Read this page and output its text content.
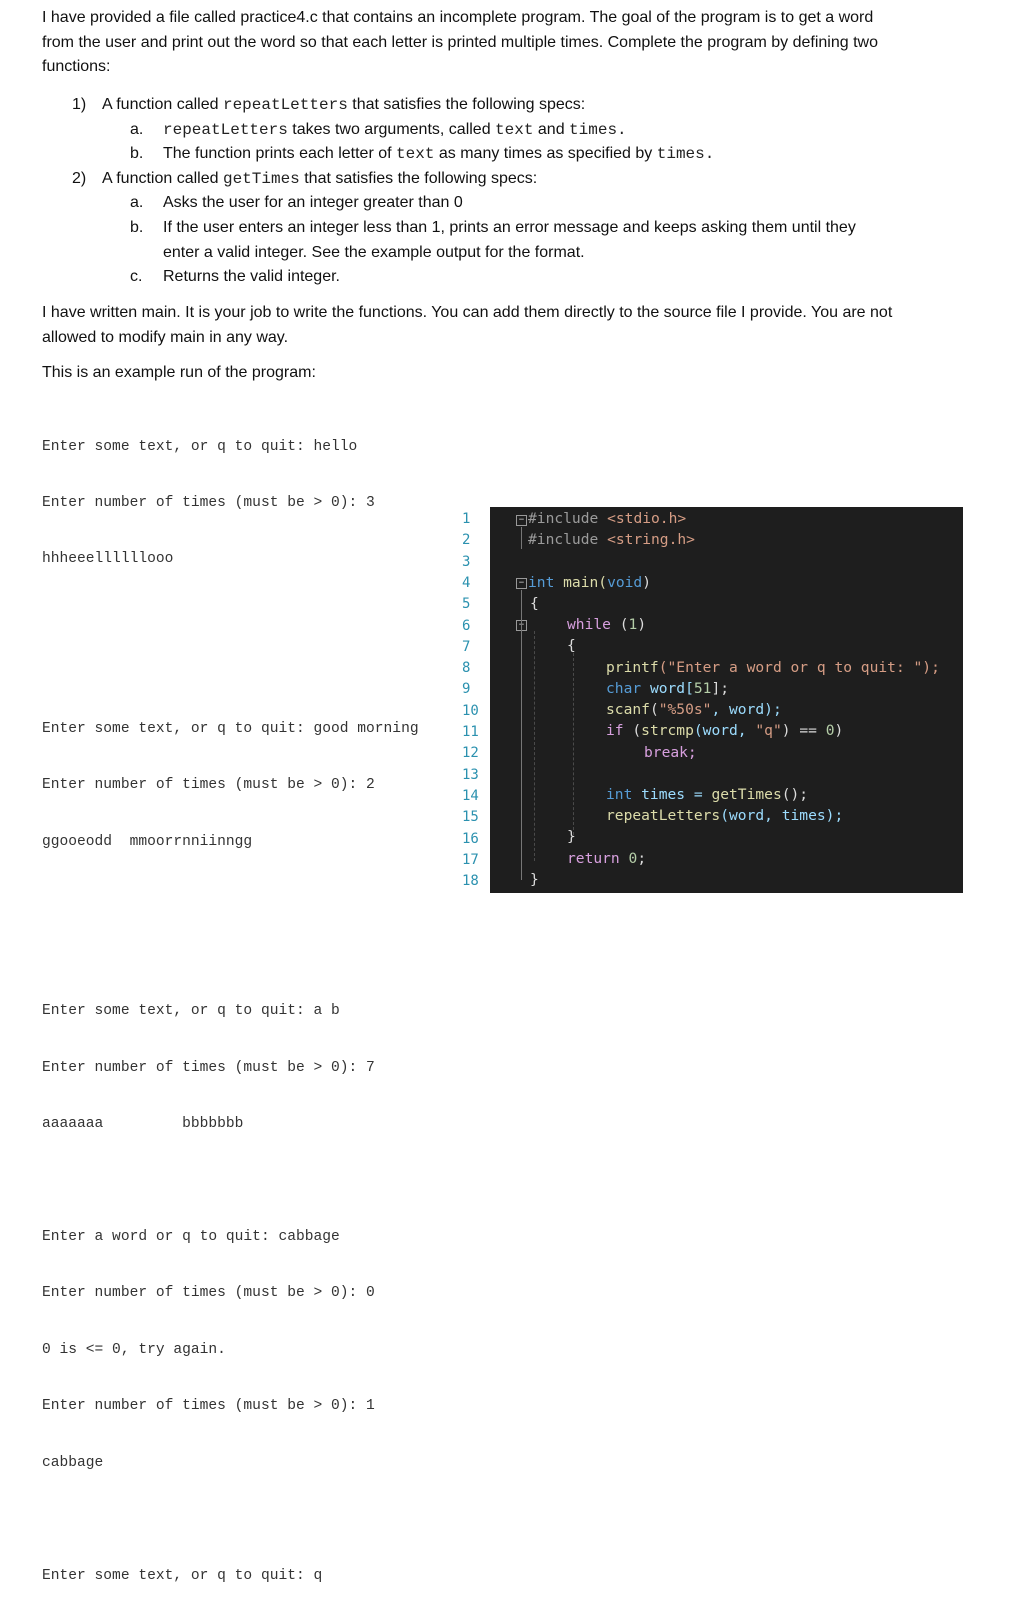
I have provided a file called practice4.c that contains an incomplete program. The goal of the program is to get a word from the user and print out the word so that each letter is printed multiple times. Complete the program by defining two functions:
1) A function called repeatLetters that satisfies the following specs:
a.	repeatLetters takes two arguments, called text and times.
b.	The function prints each letter of text as many times as specified by times.
2) A function called getTimes that satisfies the following specs:
a.	Asks the user for an integer greater than 0
b.	If the user enters an integer less than 1, prints an error message and keeps asking them until they enter a valid integer. See the example output for the format.
c.	Returns the valid integer.
I have written main. It is your job to write the functions. You can add them directly to the source file I provide. You are not allowed to modify main in any way.
This is an example run of the program:

Enter some text, or q to quit: hello

Enter number of times (must be > 0): 3

hhheeellllllooo

Enter some text, or q to quit: good morning

Enter number of times (must be > 0): 2

ggooeodd  mmoorrnniinngg

Enter some text, or q to quit: a b

Enter number of times (must be > 0): 7

aaaaaaa         bbbbbbb

Enter a word or q to quit: cabbage

Enter number of times (must be > 0): 0

0 is <= 0, try again.

Enter number of times (must be > 0): 1

cabbage

Enter some text, or q to quit: q

−

−

−

#include <stdio.h>

#include <string.h>

int main(void)

{

while (1)

{

printf("Enter a word or q to quit: ");

char word[51];

scanf("%50s", word);

if (strcmp(word, "q") == 0)

break;

int times = getTimes();

repeatLetters(word, times);

}

return 0;

}

1
2
3
4
5
6
7
8
9
10
11
12
13
14
15
16
17
18
